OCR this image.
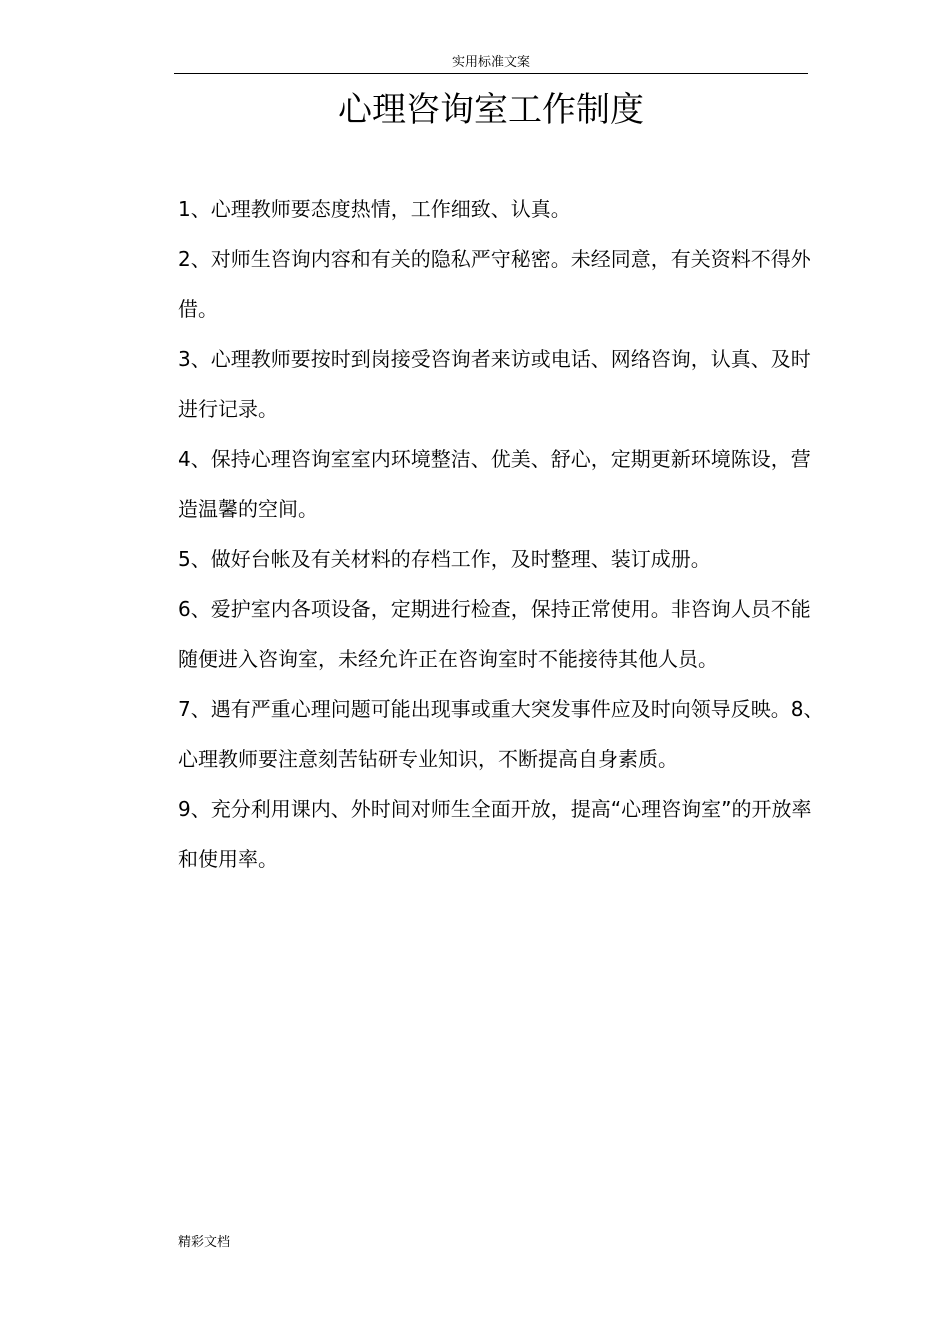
实用标准文案
心理咨询室工作制度

1、心理教师要态度热情，工作细致、认真。

2、对师生咨询内容和有关的隐私严守秘密。未经同意，有关资料不得外借。

3、心理教师要按时到岗接受咨询者来访或电话、网络咨询，认真、及时进行记录。

4、保持心理咨询室室内环境整洁、优美、舒心，定期更新环境陈设，营造温馨的空间。

5、做好台帐及有关材料的存档工作，及时整理、装订成册。

6、爱护室内各项设备，定期进行检查，保持正常使用。非咨询人员不能随便进入咨询室，未经允许正在咨询室时不能接待其他人员。

7、遇有严重心理问题可能出现事或重大突发事件应及时向领导反映。8、心理教师要注意刻苦钻研专业知识，不断提高自身素质。

9、充分利用课内、外时间对师生全面开放，提高“心理咨询室”的开放率和使用率。

精彩文档
